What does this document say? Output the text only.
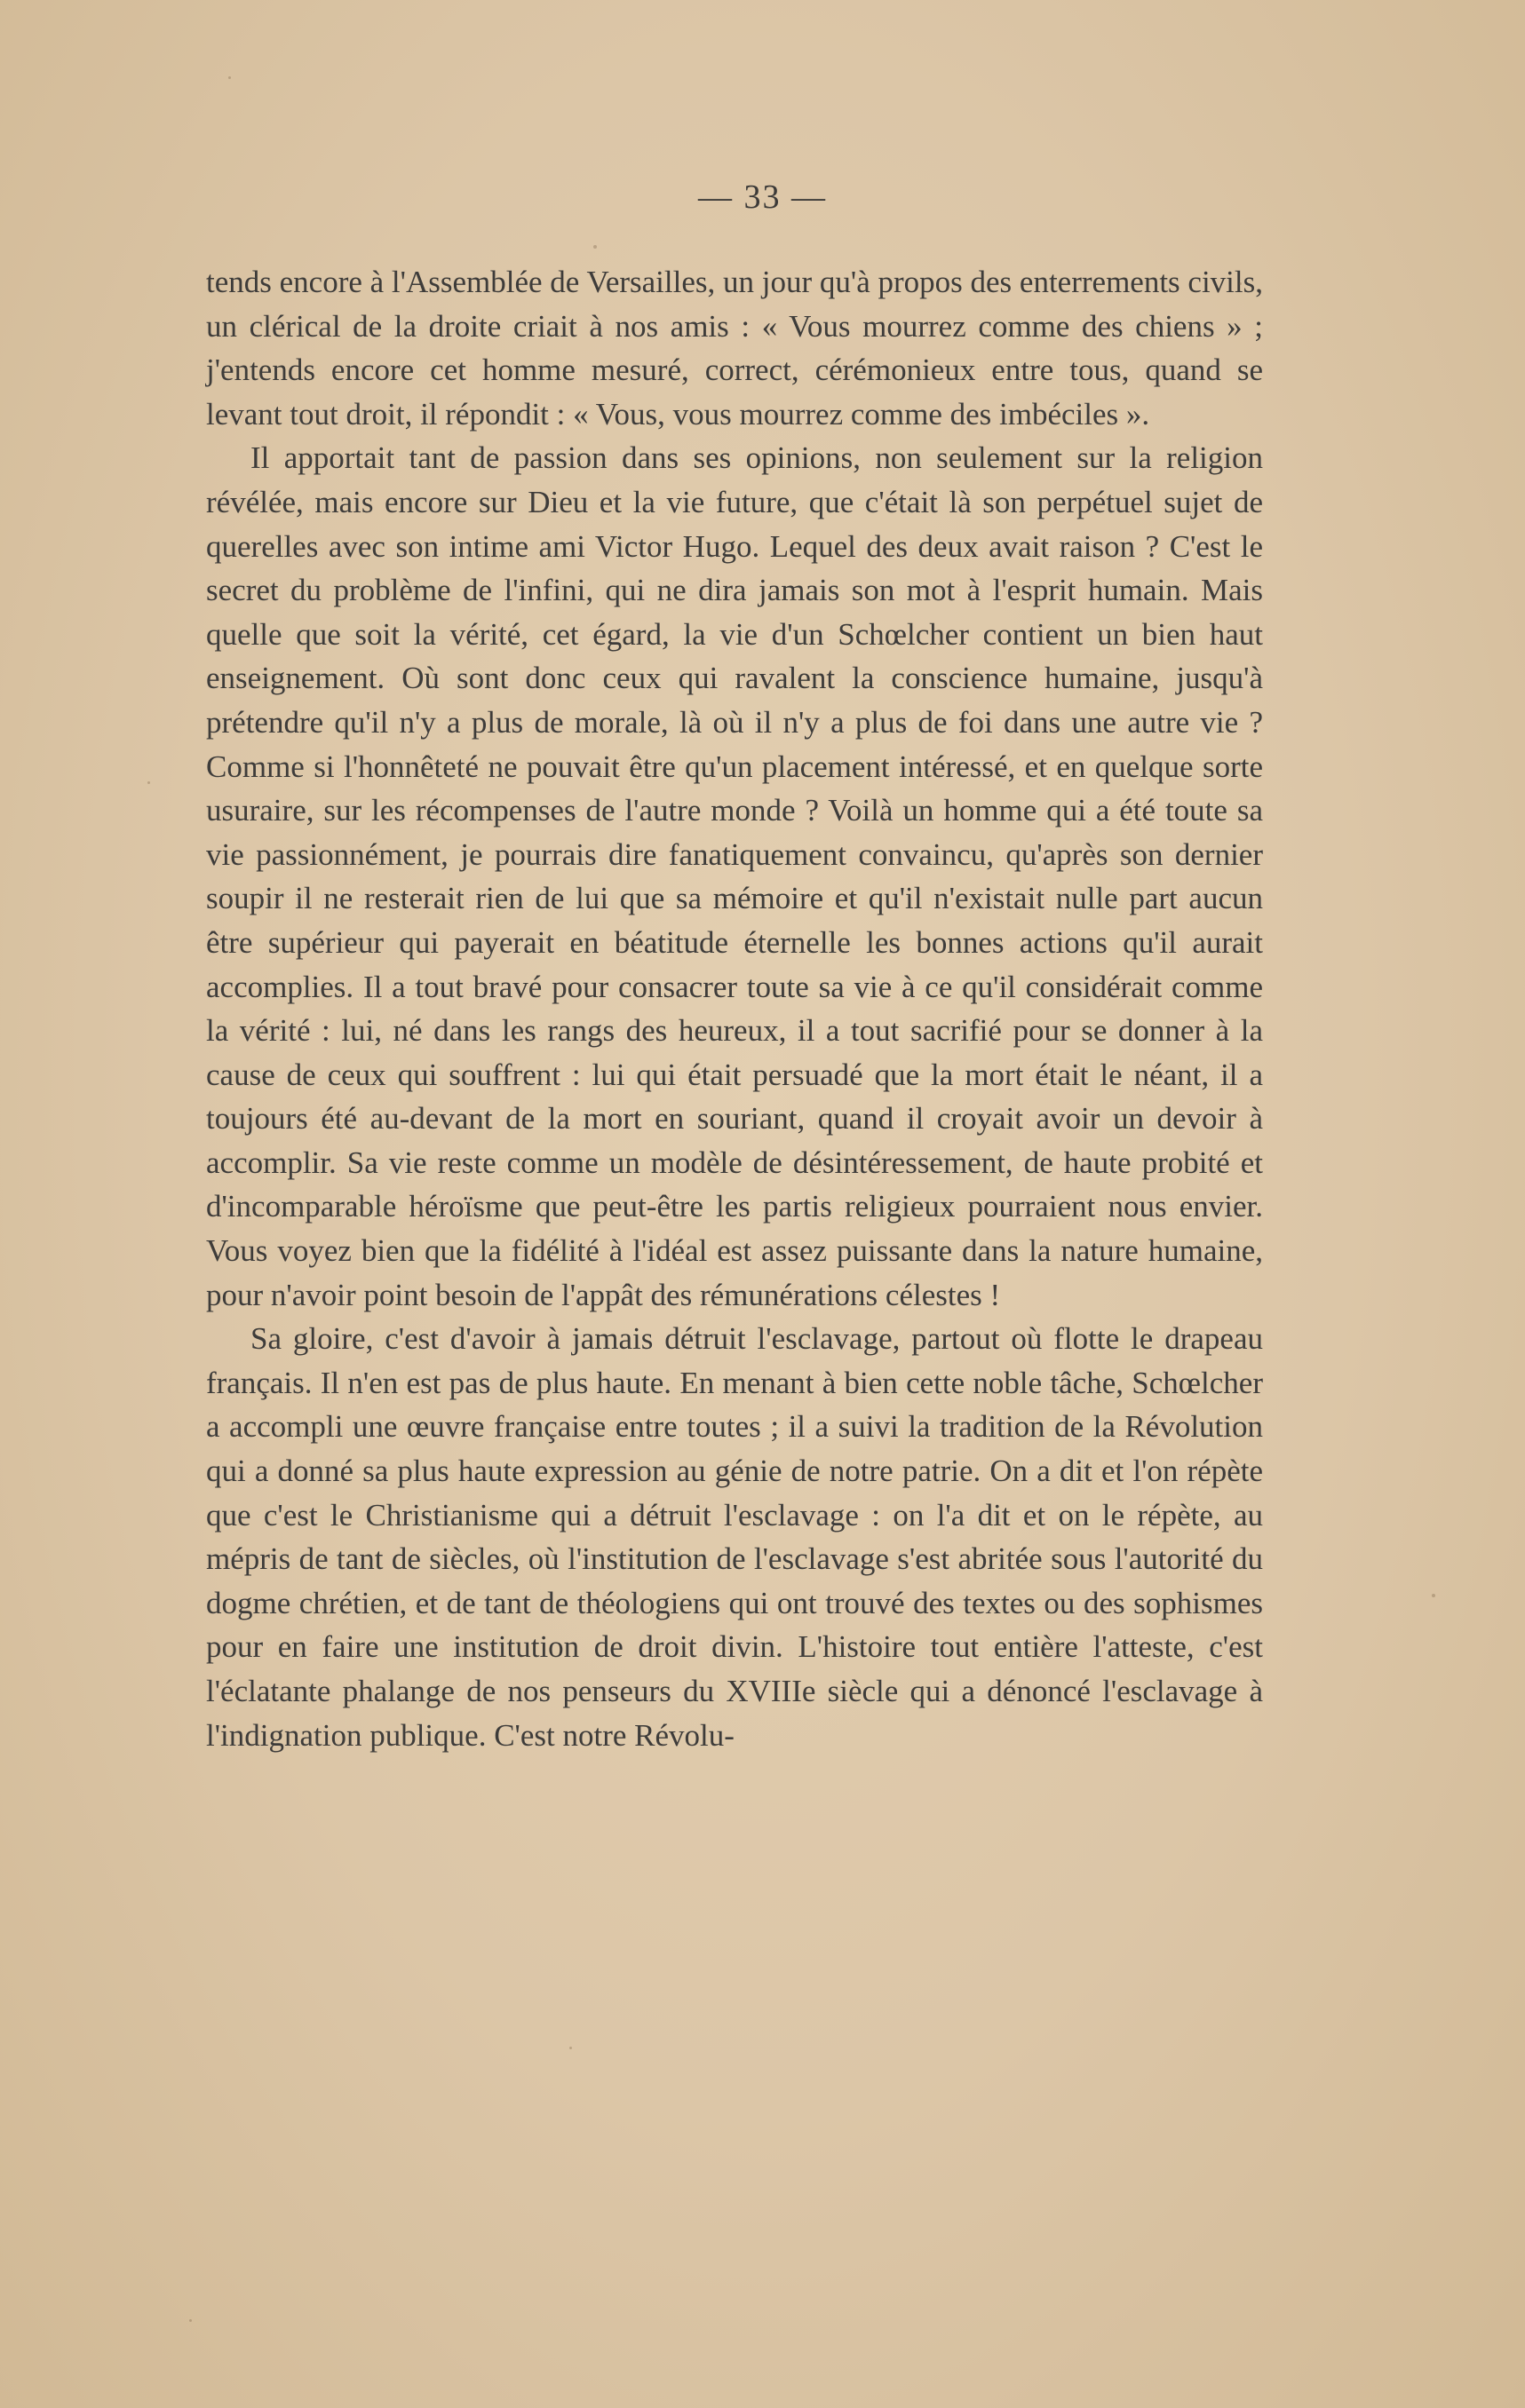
— 33 —

tends encore à l'Assemblée de Versailles, un jour qu'à propos des enterrements civils, un clérical de la droite criait à nos amis : « Vous mourrez comme des chiens » ; j'entends encore cet homme mesuré, correct, cérémonieux entre tous, quand se levant tout droit, il répondit : « Vous, vous mourrez comme des imbéciles ».

Il apportait tant de passion dans ses opinions, non seulement sur la religion révélée, mais encore sur Dieu et la vie future, que c'était là son perpétuel sujet de querelles avec son intime ami Victor Hugo. Lequel des deux avait raison ? C'est le secret du problème de l'infini, qui ne dira jamais son mot à l'esprit humain. Mais quelle que soit la vérité, cet égard, la vie d'un Schœlcher contient un bien haut enseignement. Où sont donc ceux qui ravalent la conscience humaine, jusqu'à prétendre qu'il n'y a plus de morale, là où il n'y a plus de foi dans une autre vie ? Comme si l'honnêteté ne pouvait être qu'un placement intéressé, et en quelque sorte usuraire, sur les récompenses de l'autre monde ? Voilà un homme qui a été toute sa vie passionnément, je pourrais dire fanatiquement convaincu, qu'après son dernier soupir il ne resterait rien de lui que sa mémoire et qu'il n'existait nulle part aucun être supérieur qui payerait en béatitude éternelle les bonnes actions qu'il aurait accomplies. Il a tout bravé pour consacrer toute sa vie à ce qu'il considérait comme la vérité : lui, né dans les rangs des heureux, il a tout sacrifié pour se donner à la cause de ceux qui souffrent : lui qui était persuadé que la mort était le néant, il a toujours été au-devant de la mort en souriant, quand il croyait avoir un devoir à accomplir. Sa vie reste comme un modèle de désintéressement, de haute probité et d'incomparable héroïsme que peut-être les partis religieux pourraient nous envier. Vous voyez bien que la fidélité à l'idéal est assez puissante dans la nature humaine, pour n'avoir point besoin de l'appât des rémunérations célestes !

Sa gloire, c'est d'avoir à jamais détruit l'esclavage, partout où flotte le drapeau français. Il n'en est pas de plus haute. En menant à bien cette noble tâche, Schœlcher a accompli une œuvre française entre toutes ; il a suivi la tradition de la Révolution qui a donné sa plus haute expression au génie de notre patrie. On a dit et l'on répète que c'est le Christianisme qui a détruit l'esclavage : on l'a dit et on le répète, au mépris de tant de siècles, où l'institution de l'esclavage s'est abritée sous l'autorité du dogme chrétien, et de tant de théologiens qui ont trouvé des textes ou des sophismes pour en faire une institution de droit divin. L'histoire tout entière l'atteste, c'est l'éclatante phalange de nos penseurs du XVIIIe siècle qui a dénoncé l'esclavage à l'indignation publique. C'est notre Révolu-
